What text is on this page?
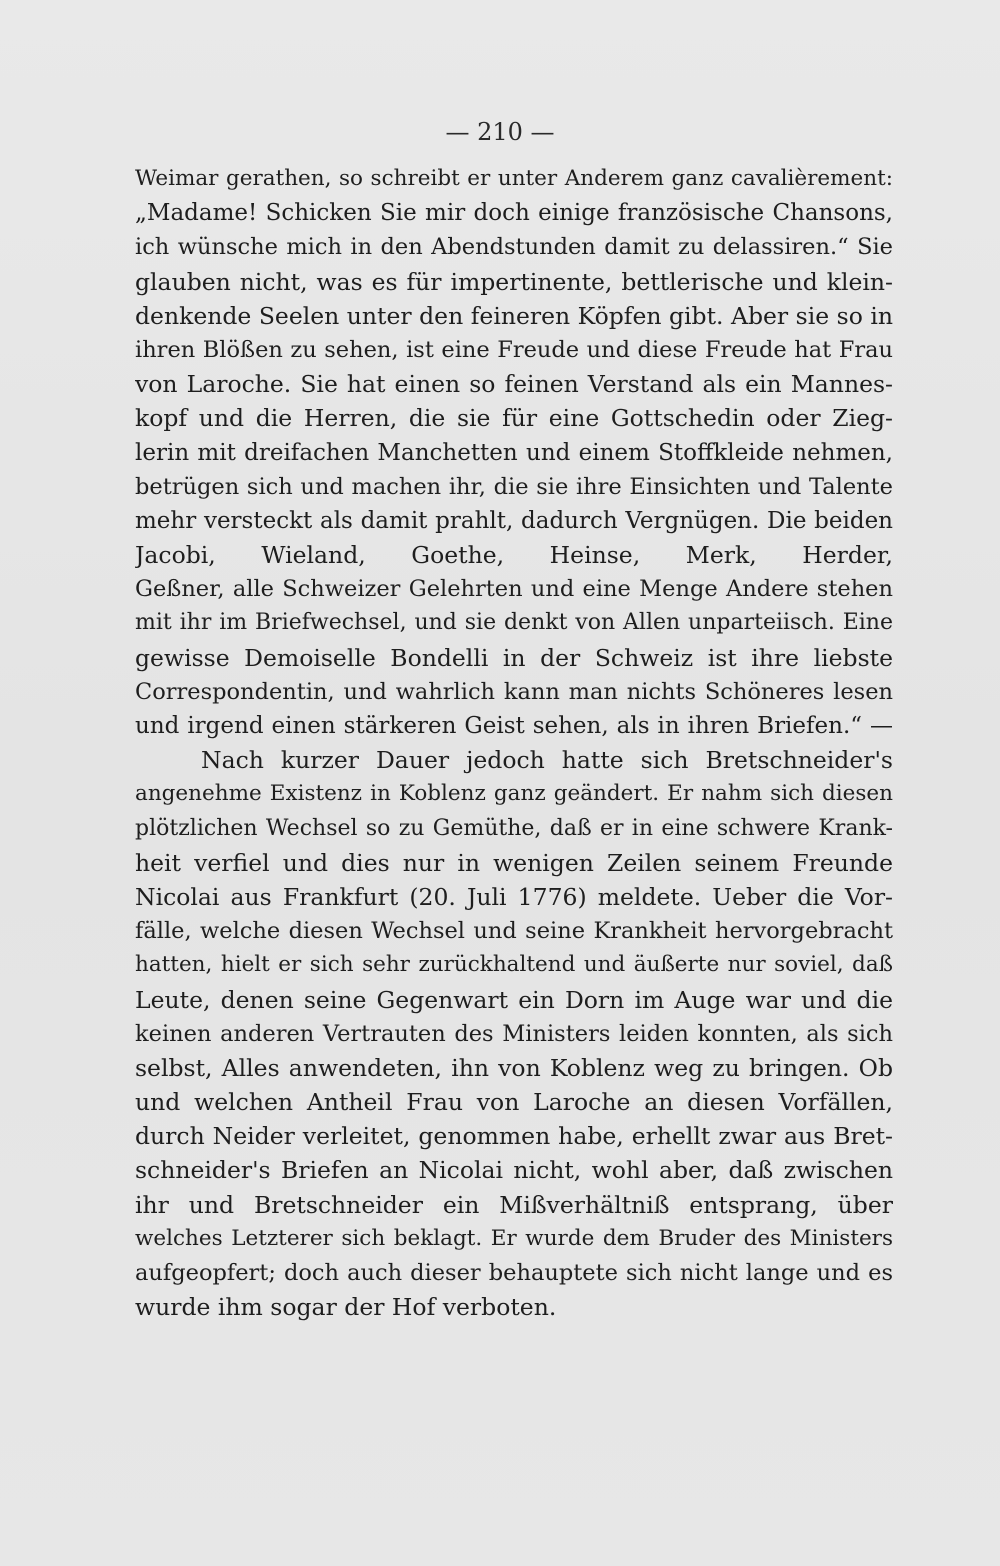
— 210 —
Weimar gerathen, so schreibt er unter Anderem ganz cavalièrement:
„Madame! Schicken Sie mir doch einige französische Chansons,
ich wünsche mich in den Abendstunden damit zu delassiren.“ Sie
glauben nicht, was es für impertinente, bettlerische und klein-
denkende Seelen unter den feineren Köpfen gibt. Aber sie so in
ihren Blößen zu sehen, ist eine Freude und diese Freude hat Frau
von Laroche. Sie hat einen so feinen Verstand als ein Mannes-
kopf und die Herren, die sie für eine Gottschedin oder Zieg-
lerin mit dreifachen Manchetten und einem Stoffkleide nehmen,
betrügen sich und machen ihr, die sie ihre Einsichten und Talente
mehr versteckt als damit prahlt, dadurch Vergnügen. Die beiden
Jacobi, Wieland, Goethe, Heinse, Merk, Herder,
Geßner, alle Schweizer Gelehrten und eine Menge Andere stehen
mit ihr im Briefwechsel, und sie denkt von Allen unparteiisch. Eine
gewisse Demoiselle Bondelli in der Schweiz ist ihre liebste
Correspondentin, und wahrlich kann man nichts Schöneres lesen
und irgend einen stärkeren Geist sehen, als in ihren Briefen.“ —
Nach kurzer Dauer jedoch hatte sich Bretschneider's
angenehme Existenz in Koblenz ganz geändert. Er nahm sich diesen
plötzlichen Wechsel so zu Gemüthe, daß er in eine schwere Krank-
heit verfiel und dies nur in wenigen Zeilen seinem Freunde
Nicolai aus Frankfurt (20. Juli 1776) meldete. Ueber die Vor-
fälle, welche diesen Wechsel und seine Krankheit hervorgebracht
hatten, hielt er sich sehr zurückhaltend und äußerte nur soviel, daß
Leute, denen seine Gegenwart ein Dorn im Auge war und die
keinen anderen Vertrauten des Ministers leiden konnten, als sich
selbst, Alles anwendeten, ihn von Koblenz weg zu bringen. Ob
und welchen Antheil Frau von Laroche an diesen Vorfällen,
durch Neider verleitet, genommen habe, erhellt zwar aus Bret-
schneider's Briefen an Nicolai nicht, wohl aber, daß zwischen
ihr und Bretschneider ein Mißverhältniß entsprang, über
welches Letzterer sich beklagt. Er wurde dem Bruder des Ministers
aufgeopfert; doch auch dieser behauptete sich nicht lange und es
wurde ihm sogar der Hof verboten.
